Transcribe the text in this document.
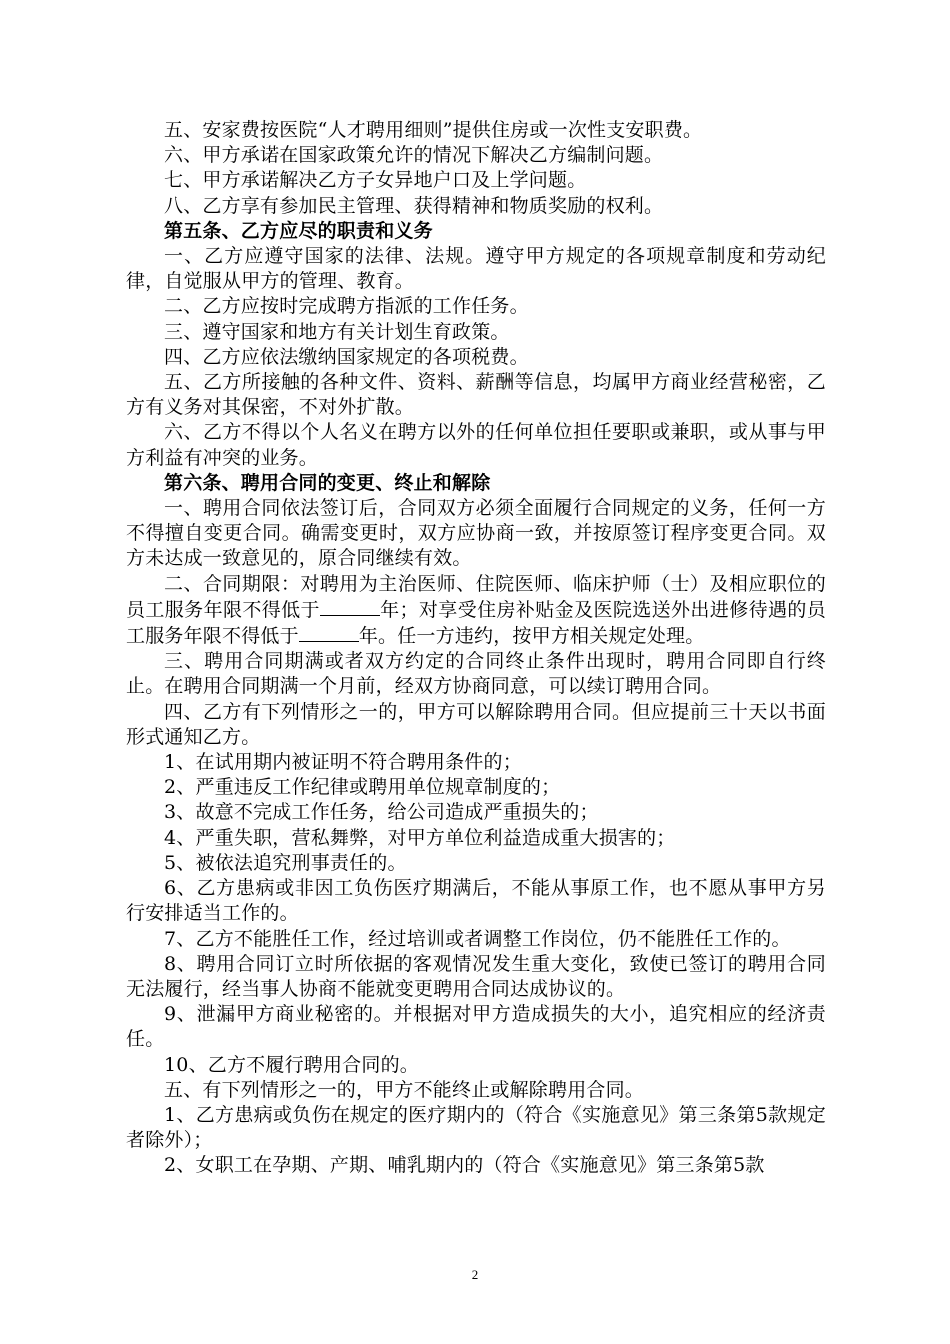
五、安家费按医院“人才聘用细则”提供住房或一次性支安职费。

六、甲方承诺在国家政策允许的情况下解决乙方编制问题。

七、甲方承诺解决乙方子女异地户口及上学问题。

八、乙方享有参加民主管理、获得精神和物质奖励的权利。

第五条、乙方应尽的职责和义务

一、乙方应遵守国家的法律、法规。遵守甲方规定的各项规章制度和劳动纪律，自觉服从甲方的管理、教育。

二、乙方应按时完成聘方指派的工作任务。

三、遵守国家和地方有关计划生育政策。

四、乙方应依法缴纳国家规定的各项税费。

五、乙方所接触的各种文件、资料、薪酬等信息，均属甲方商业经营秘密，乙方有义务对其保密，不对外扩散。

六、乙方不得以个人名义在聘方以外的任何单位担任要职或兼职，或从事与甲方利益有冲突的业务。

第六条、聘用合同的变更、终止和解除

一、聘用合同依法签订后，合同双方必须全面履行合同规定的义务，任何一方不得擅自变更合同。确需变更时，双方应协商一致，并按原签订程序变更合同。双方未达成一致意见的，原合同继续有效。

二、合同期限：对聘用为主治医师、住院医师、临床护师（士）及相应职位的员工服务年限不得低于	年；对享受住房补贴金及医院选送外出进修待遇的员工服务年限不得低于	年。任一方违约，按甲方相关规定处理。

三、聘用合同期满或者双方约定的合同终止条件出现时，聘用合同即自行终止。在聘用合同期满一个月前，经双方协商同意，可以续订聘用合同。

四、乙方有下列情形之一的，甲方可以解除聘用合同。但应提前三十天以书面形式通知乙方。

1、在试用期内被证明不符合聘用条件的；

2、严重违反工作纪律或聘用单位规章制度的；

3、故意不完成工作任务，给公司造成严重损失的；

4、严重失职，营私舞弊，对甲方单位利益造成重大损害的；

5、被依法追究刑事责任的。

6、乙方患病或非因工负伤医疗期满后，不能从事原工作，也不愿从事甲方另行安排适当工作的。

7、乙方不能胜任工作，经过培训或者调整工作岗位，仍不能胜任工作的。

8、聘用合同订立时所依据的客观情况发生重大变化，致使已签订的聘用合同无法履行，经当事人协商不能就变更聘用合同达成协议的。

9、泄漏甲方商业秘密的。并根据对甲方造成损失的大小，追究相应的经济责任。

10、乙方不履行聘用合同的。

五、有下列情形之一的，甲方不能终止或解除聘用合同。

1、乙方患病或负伤在规定的医疗期内的（符合《实施意见》第三条第5款规定者除外）；

2、女职工在孕期、产期、哺乳期内的（符合《实施意见》第三条第5款

2
